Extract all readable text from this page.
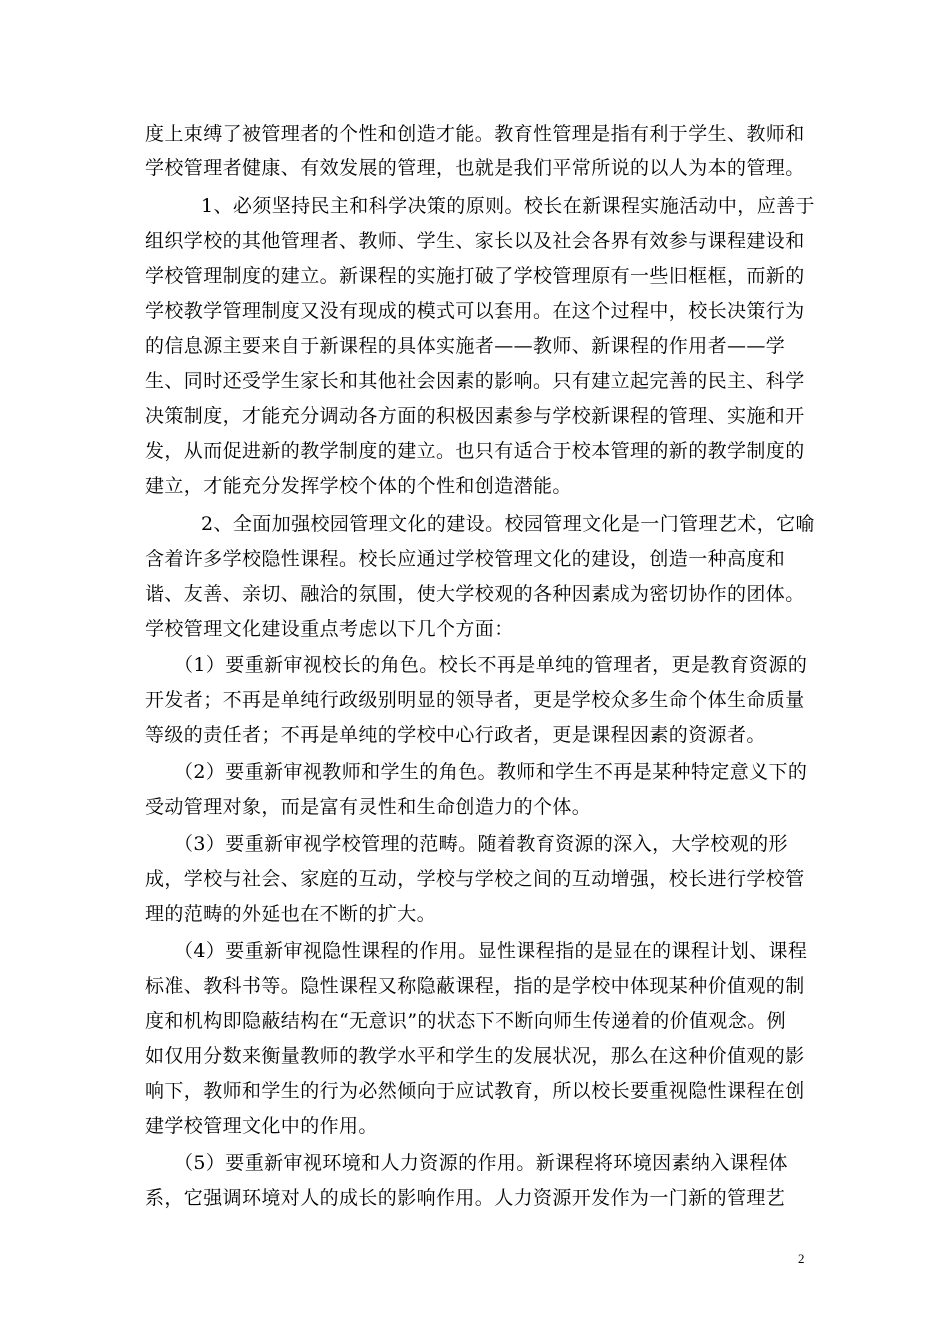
度上束缚了被管理者的个性和创造才能。教育性管理是指有利于学生、教师和
学校管理者健康、有效发展的管理，也就是我们平常所说的以人为本的管理。
1、必须坚持民主和科学决策的原则。校长在新课程实施活动中，应善于
组织学校的其他管理者、教师、学生、家长以及社会各界有效参与课程建设和
学校管理制度的建立。新课程的实施打破了学校管理原有一些旧框框，而新的
学校教学管理制度又没有现成的模式可以套用。在这个过程中，校长决策行为
的信息源主要来自于新课程的具体实施者——教师、新课程的作用者——学
生、同时还受学生家长和其他社会因素的影响。只有建立起完善的民主、科学
决策制度，才能充分调动各方面的积极因素参与学校新课程的管理、实施和开
发，从而促进新的教学制度的建立。也只有适合于校本管理的新的教学制度的
建立，才能充分发挥学校个体的个性和创造潜能。
2、全面加强校园管理文化的建设。校园管理文化是一门管理艺术，它喻
含着许多学校隐性课程。校长应通过学校管理文化的建设，创造一种高度和
谐、友善、亲切、融洽的氛围，使大学校观的各种因素成为密切协作的团体。
学校管理文化建设重点考虑以下几个方面：
（1）要重新审视校长的角色。校长不再是单纯的管理者，更是教育资源的
开发者；不再是单纯行政级别明显的领导者，更是学校众多生命个体生命质量
等级的责任者；不再是单纯的学校中心行政者，更是课程因素的资源者。
（2）要重新审视教师和学生的角色。教师和学生不再是某种特定意义下的
受动管理对象，而是富有灵性和生命创造力的个体。
（3）要重新审视学校管理的范畴。随着教育资源的深入，大学校观的形
成，学校与社会、家庭的互动，学校与学校之间的互动增强，校长进行学校管
理的范畴的外延也在不断的扩大。
（4）要重新审视隐性课程的作用。显性课程指的是显在的课程计划、课程
标准、教科书等。隐性课程又称隐蔽课程，指的是学校中体现某种价值观的制
度和机构即隐蔽结构在“无意识”的状态下不断向师生传递着的价值观念。例
如仅用分数来衡量教师的教学水平和学生的发展状况，那么在这种价值观的影
响下，教师和学生的行为必然倾向于应试教育，所以校长要重视隐性课程在创
建学校管理文化中的作用。
（5）要重新审视环境和人力资源的作用。新课程将环境因素纳入课程体
系，它强调环境对人的成长的影响作用。人力资源开发作为一门新的管理艺
2
